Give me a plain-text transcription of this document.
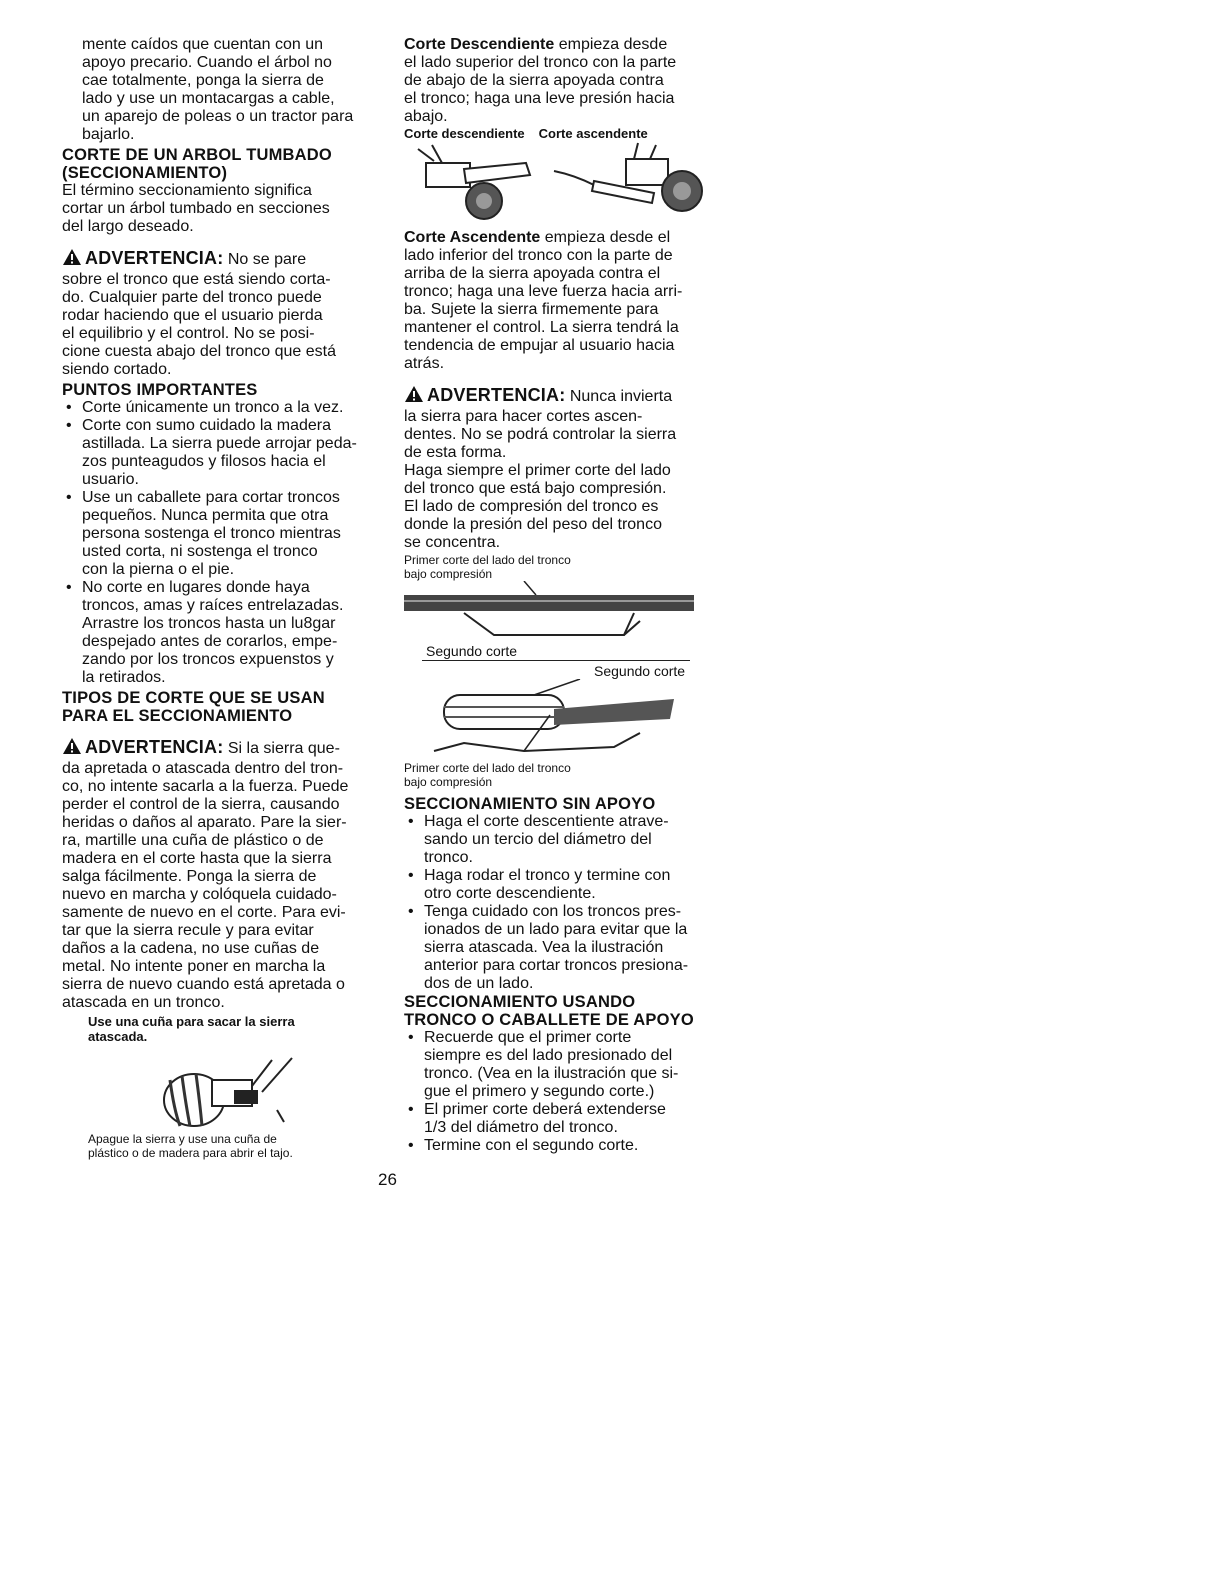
mente caídos que cuentan con un

apoyo precario. Cuando el árbol no

cae totalmente, ponga la sierra de

lado y use un montacargas a cable,

un aparejo de poleas o un tractor para

bajarlo.

CORTE DE UN ARBOL TUMBADO

(SECCIONAMIENTO)

El término seccionamiento significa

cortar un árbol tumbado en secciones

del largo deseado.

ADVERTENCIA: No se pare

sobre el tronco que está siendo corta-

do. Cualquier parte del tronco puede

rodar haciendo que el usuario pierda

el equilibrio y el control. No se posi-

cione cuesta abajo del tronco que está

siendo cortado.

PUNTOS IMPORTANTES

• Corte únicamente un tronco a la vez.

• Corte con sumo cuidado la madera

astillada. La sierra puede arrojar peda-

zos punteagudos y filosos hacia el

usuario.

• Use un caballete para cortar troncos

pequeños. Nunca permita que otra

persona sostenga el tronco mientras

usted corta, ni sostenga el tronco

con la pierna o el pie.

• No corte en lugares donde haya

troncos, amas y raíces entrelazadas.

Arrastre los troncos hasta un lu8gar

despejado antes de corarlos, empe-

zando por los troncos expuenstos y

la retirados.

TIPOS DE CORTE QUE SE USAN

PARA EL SECCIONAMIENTO

ADVERTENCIA: Si la sierra que-

da apretada o atascada dentro del tron-

co, no intente sacarla a la fuerza. Puede

perder el control de la sierra, causando

heridas o daños al aparato. Pare la sier-

ra, martille una cuña de plástico o de

madera en el corte hasta que la sierra

salga fácilmente. Ponga la sierra de

nuevo en marcha y colóquela cuidado-

samente de nuevo en el corte. Para evi-

tar que la sierra recule y para evitar

daños a la cadena, no use cuñas de

metal. No intente poner en marcha la

sierra de nuevo cuando está apretada o

atascada en un tronco.

Use una cuña para sacar la sierra

atascada.

Apague la sierra y use una cuña de

plástico o de madera para abrir el tajo.

Corte Descendiente empieza desde

el lado superior del tronco con la parte

de abajo de la sierra apoyada contra

el tronco; haga una leve presión hacia

abajo.

Corte descendiente Corte ascendente

Corte Ascendente empieza desde el

lado inferior del tronco con la parte de

arriba de la sierra apoyada contra el

tronco; haga una leve fuerza hacia arri-

ba. Sujete la sierra firmemente para

mantener el control. La sierra tendrá la

tendencia de empujar al usuario hacia

atrás.

ADVERTENCIA: Nunca invierta

la sierra para hacer cortes ascen-

dentes. No se podrá controlar la sierra

de esta forma.

Haga siempre el primer corte del lado

del tronco que está bajo compresión.

El lado de compresión del tronco es

donde la presión del peso del tronco

se concentra.

Primer corte del lado del tronco

bajo compresión

Segundo corte

Segundo corte

Primer corte del lado del tronco

bajo compresión

SECCIONAMIENTO SIN APOYO

• Haga el corte descentiente atrave-

sando un tercio del diámetro del

tronco.

• Haga rodar el tronco y termine con

otro corte descendiente.

• Tenga cuidado con los troncos pres-

ionados de un lado para evitar que la

sierra atascada. Vea la ilustración

anterior para cortar troncos presiona-

dos de un lado.

SECCIONAMIENTO USANDO

TRONCO O CABALLETE DE APOYO

• Recuerde que el primer corte

siempre es del lado presionado del

tronco. (Vea en la ilustración que si-

gue el primero y segundo corte.)

• El primer corte deberá extenderse

1/3 del diámetro del tronco.

• Termine con el segundo corte.

26
